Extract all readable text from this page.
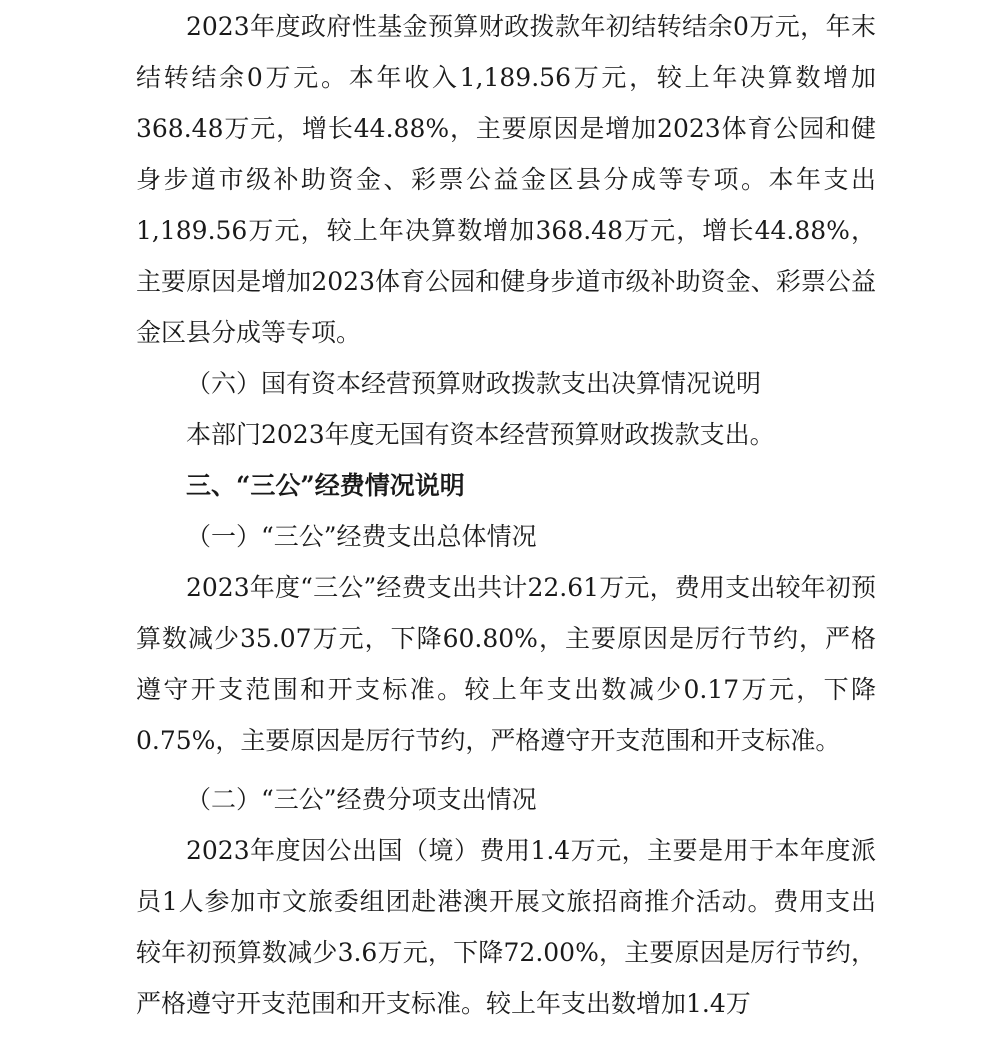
2023年度政府性基金预算财政拨款年初结转结余0万元，年末结转结余0万元。本年收入1,189.56万元，较上年决算数增加368.48万元，增长44.88%，主要原因是增加2023体育公园和健身步道市级补助资金、彩票公益金区县分成等专项。本年支出1,189.56万元，较上年决算数增加368.48万元，增长44.88%，主要原因是增加2023体育公园和健身步道市级补助资金、彩票公益金区县分成等专项。

（六）国有资本经营预算财政拨款支出决算情况说明

本部门2023年度无国有资本经营预算财政拨款支出。

三、“三公”经费情况说明

（一）“三公”经费支出总体情况

2023年度“三公”经费支出共计22.61万元，费用支出较年初预算数减少35.07万元，下降60.80%，主要原因是厉行节约，严格遵守开支范围和开支标准。较上年支出数减少0.17万元，下降0.75%，主要原因是厉行节约，严格遵守开支范围和开支标准。

（二）“三公”经费分项支出情况

2023年度因公出国（境）费用1.4万元，主要是用于本年度派员1人参加市文旅委组团赴港澳开展文旅招商推介活动。费用支出较年初预算数减少3.6万元，下降72.00%，主要原因是厉行节约，严格遵守开支范围和开支标准。较上年支出数增加1.4万
